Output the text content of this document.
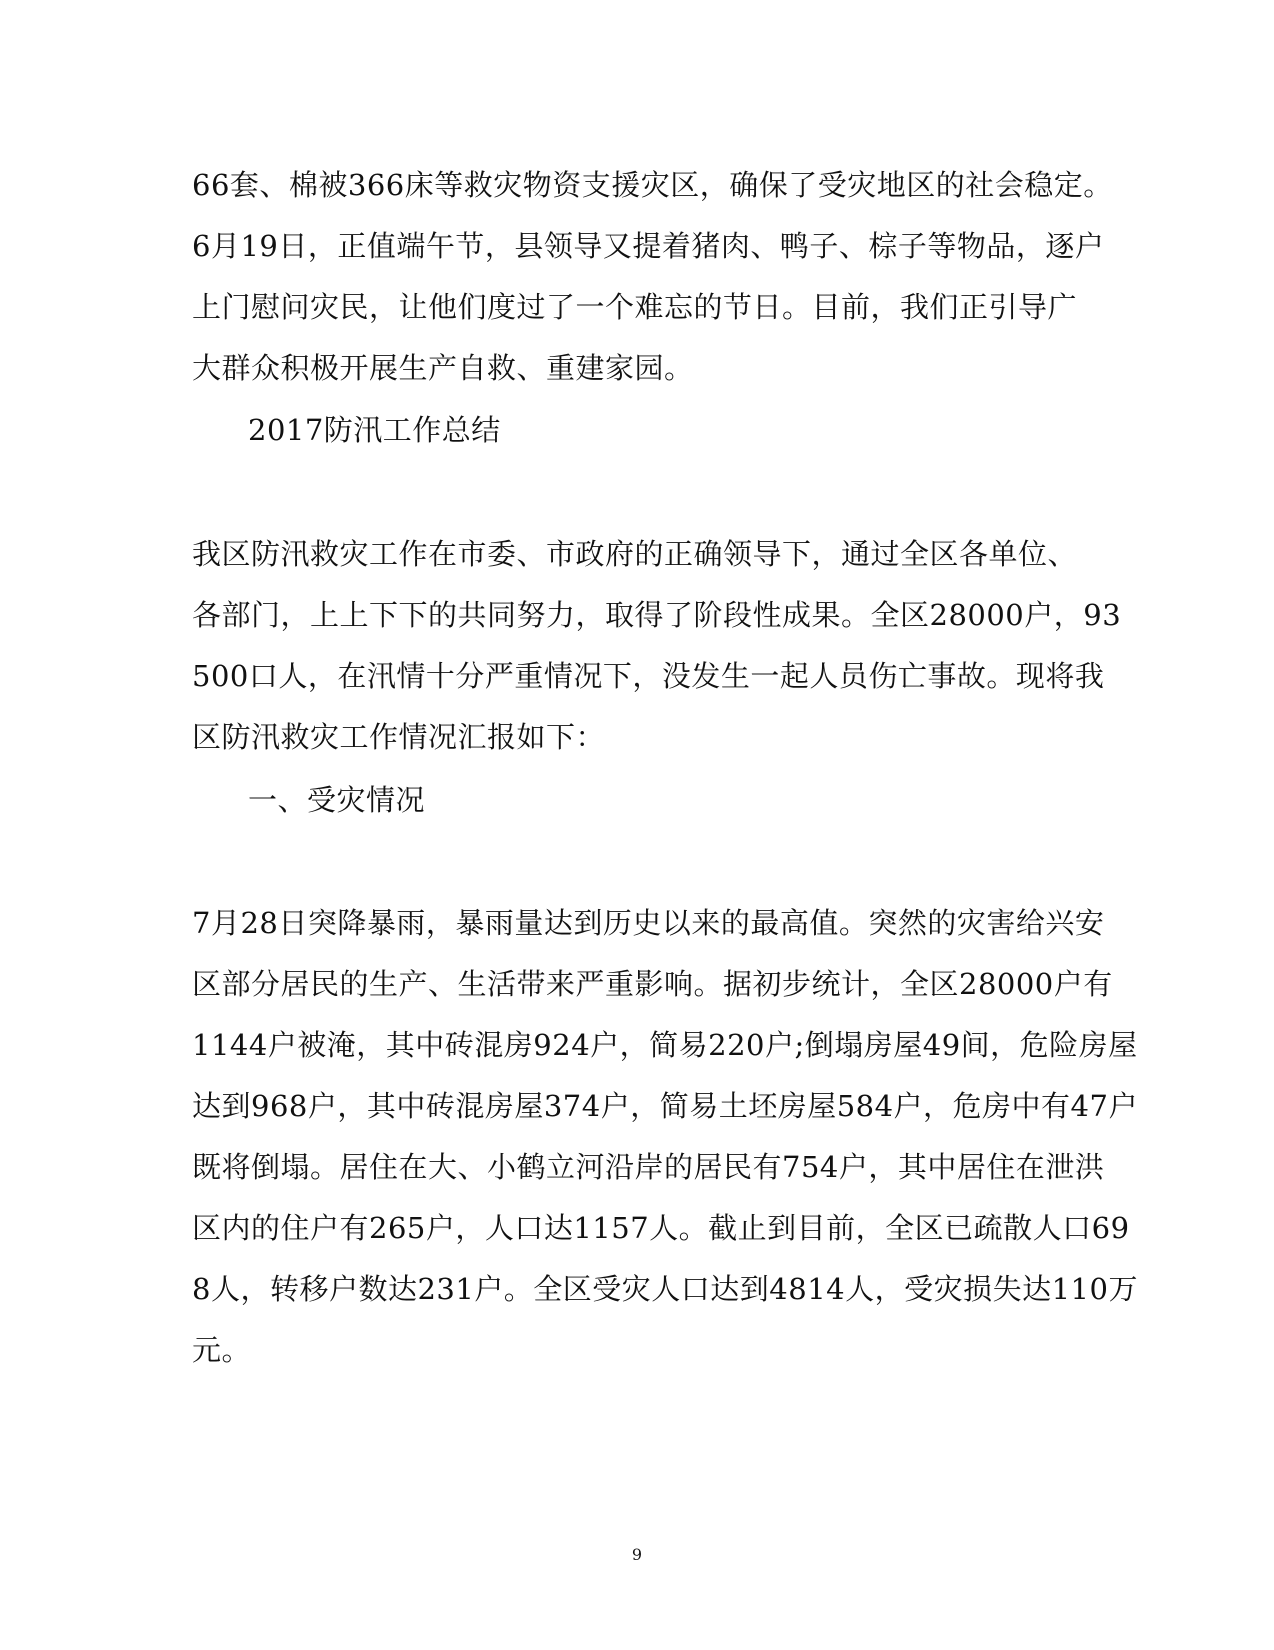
66套、棉被366床等救灾物资支援灾区，确保了受灾地区的社会稳定。
6月19日，正值端午节，县领导又提着猪肉、鸭子、棕子等物品，逐户
上门慰问灾民，让他们度过了一个难忘的节日。目前，我们正引导广
大群众积极开展生产自救、重建家园。
2017防汛工作总结
我区防汛救灾工作在市委、市政府的正确领导下，通过全区各单位、
各部门，上上下下的共同努力，取得了阶段性成果。全区28000户，93
500口人，在汛情十分严重情况下，没发生一起人员伤亡事故。现将我
区防汛救灾工作情况汇报如下：
一、受灾情况
7月28日突降暴雨，暴雨量达到历史以来的最高值。突然的灾害给兴安
区部分居民的生产、生活带来严重影响。据初步统计，全区28000户有
1144户被淹，其中砖混房924户，简易220户;倒塌房屋49间，危险房屋
达到968户，其中砖混房屋374户，简易土坯房屋584户，危房中有47户
既将倒塌。居住在大、小鹤立河沿岸的居民有754户，其中居住在泄洪
区内的住户有265户，人口达1157人。截止到目前，全区已疏散人口69
8人，转移户数达231户。全区受灾人口达到4814人，受灾损失达110万
元。
9
